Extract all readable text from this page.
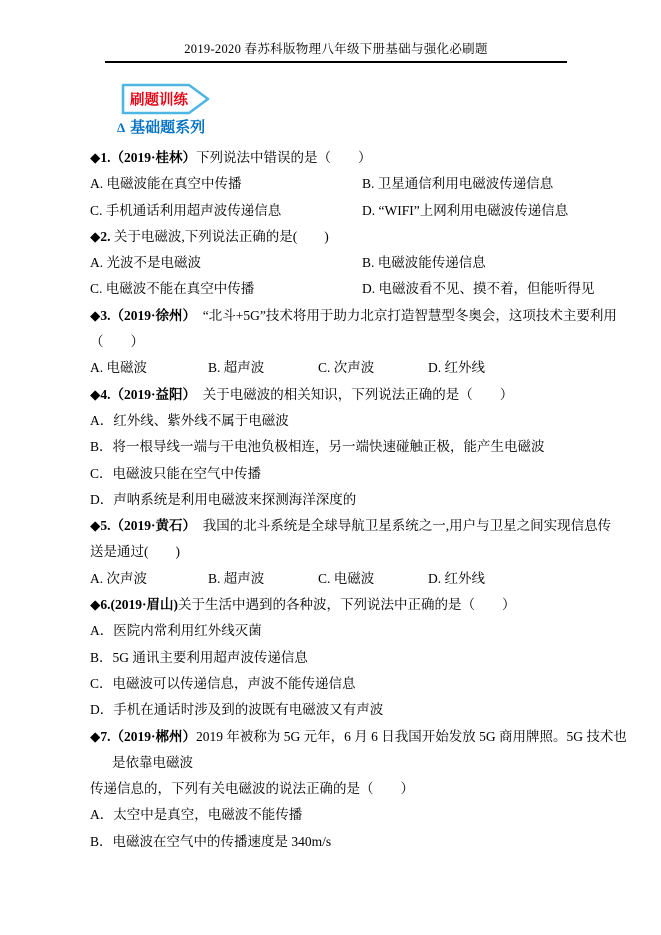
2019-2020 春苏科版物理八年级下册基础与强化必刷题
刷题训练
Δ 基础题系列
◆1.（2019·桂林）下列说法中错误的是（　　）
A. 电磁波能在真空中传播	B. 卫星通信利用电磁波传递信息
C. 手机通话利用超声波传递信息	D. “WIFI”上网利用电磁波传递信息
◆2. 关于电磁波,下列说法正确的是(　　)
A. 光波不是电磁波	B. 电磁波能传递信息
C. 电磁波不能在真空中传播	D. 电磁波看不见、摸不着，但能听得见
◆3.（2019·徐州）　“北斗+5G”技术将用于助力北京打造智慧型冬奥会，这项技术主要利用
（　　）
A. 电磁波	B. 超声波	C. 次声波	D. 红外线
◆4.（2019·益阳）　关于电磁波的相关知识，下列说法正确的是（　　）
A．红外线、紫外线不属于电磁波
B．将一根导线一端与干电池负极相连，另一端快速碰触正极，能产生电磁波
C．电磁波只能在空气中传播
D．声呐系统是利用电磁波来探测海洋深度的
◆5.（2019·黄石）　我国的北斗系统是全球导航卫星系统之一,用户与卫星之间实现信息传
送是通过(　　)
A. 次声波	B. 超声波	C. 电磁波	D. 红外线
◆6.(2019·眉山)关于生活中遇到的各种波，下列说法中正确的是（　　）
A．医院内常利用红外线灭菌
B．5G 通讯主要利用超声波传递信息
C．电磁波可以传递信息，声波不能传递信息
D．手机在通话时涉及到的波既有电磁波又有声波
◆7.（2019·郴州）2019 年被称为 5G 元年，6 月 6 日我国开始发放 5G 商用牌照。5G 技术也
是依靠电磁波
传递信息的，下列有关电磁波的说法正确的是（　　）
A．太空中是真空，电磁波不能传播
B．电磁波在空气中的传播速度是 340m/s
